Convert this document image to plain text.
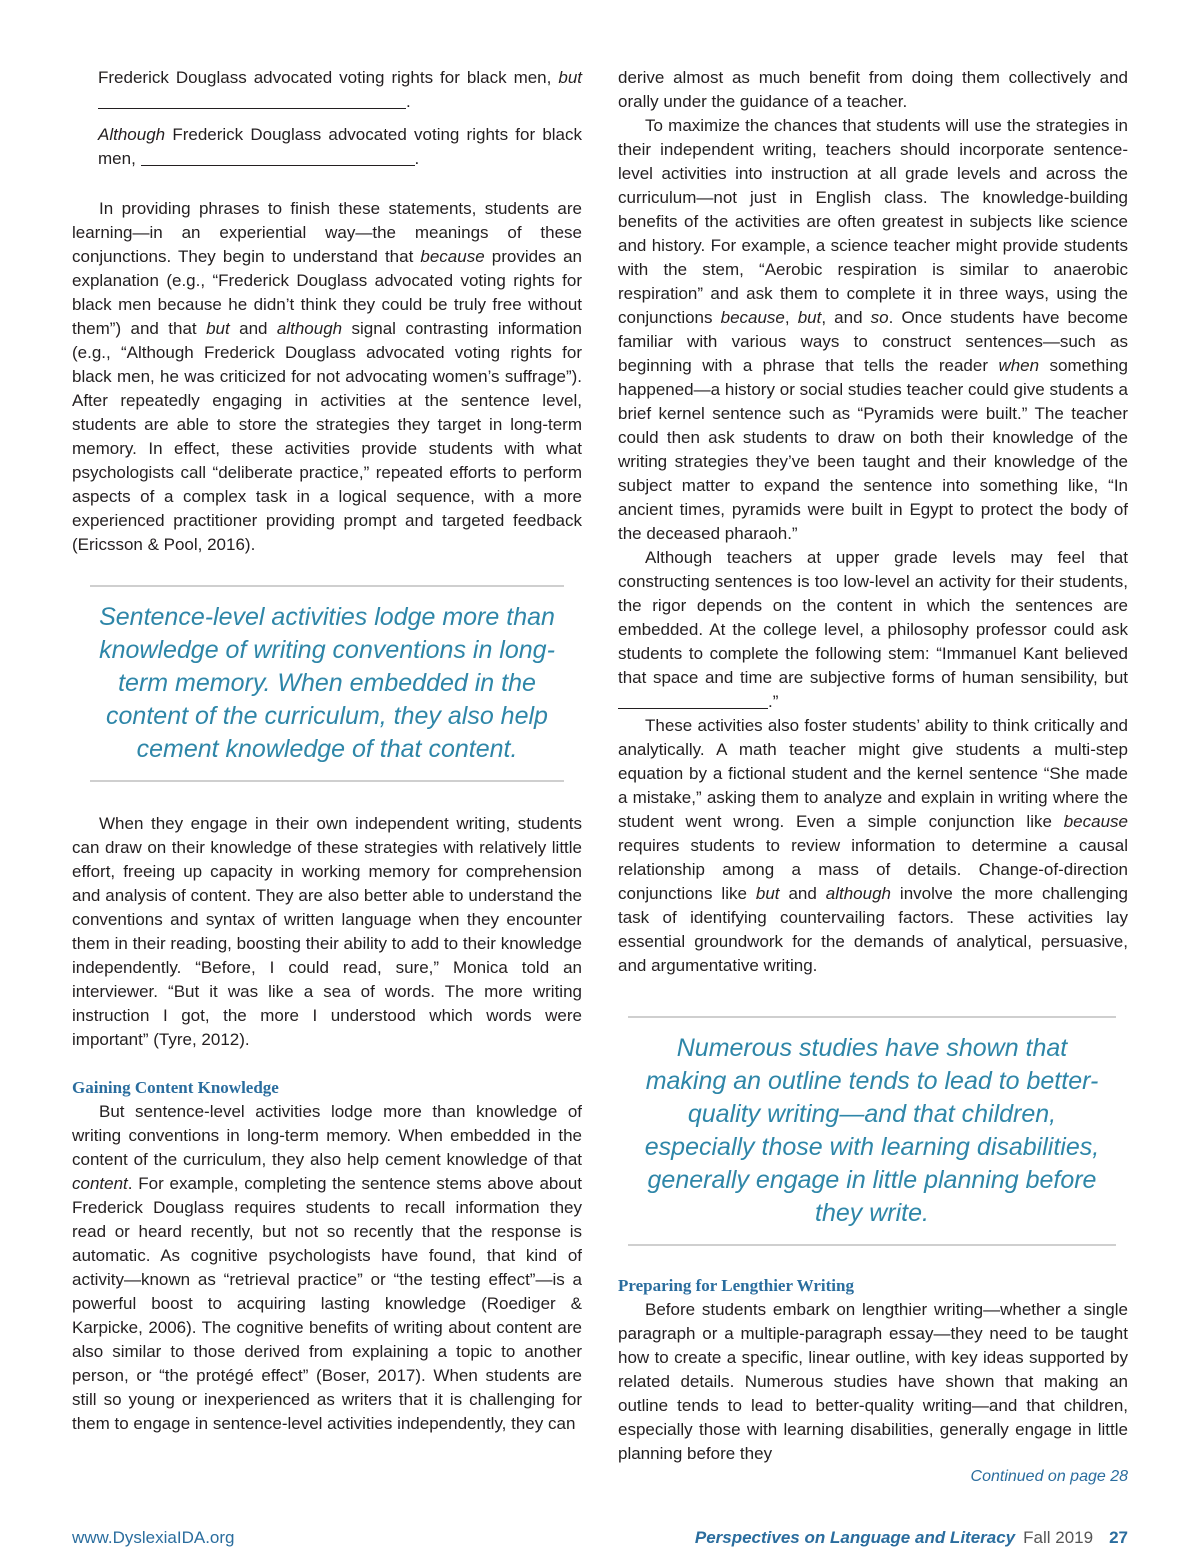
Frederick Douglass advocated voting rights for black men, but .

Although Frederick Douglass advocated voting rights for black men,	.

In providing phrases to finish these statements, students are learning—in an experiential way—the meanings of these conjunctions. They begin to understand that because provides an explanation (e.g., “Frederick Douglass advocated voting rights for black men because he didn’t think they could be truly free without them”) and that but and although signal contrasting information (e.g., “Although Frederick Douglass advocated voting rights for black men, he was criticized for not advocating women’s suffrage”). After repeatedly engaging in activities at the sentence level, students are able to store the strategies they target in long-term memory. In effect, these activities provide students with what psychologists call “deliberate practice,” repeated efforts to perform aspects of a complex task in a logical sequence, with a more experienced practitioner providing prompt and targeted feedback (Ericsson & Pool, 2016).

Sentence-level activities lodge more than knowledge of writing conventions in long-term memory. When embedded in the content of the curriculum, they also help cement knowledge of that content.

When they engage in their own independent writing, students can draw on their knowledge of these strategies with relatively little effort, freeing up capacity in working memory for comprehension and analysis of content. They are also better able to understand the conventions and syntax of written language when they encounter them in their reading, boosting their ability to add to their knowledge independently. “Before, I could read, sure,” Monica told an interviewer. “But it was like a sea of words. The more writing instruction I got, the more I understood which words were important” (Tyre, 2012).

Gaining Content Knowledge

But sentence-level activities lodge more than knowledge of writing conventions in long-term memory. When embedded in the content of the curriculum, they also help cement knowledge of that content. For example, completing the sentence stems above about Frederick Douglass requires students to recall information they read or heard recently, but not so recently that the response is automatic. As cognitive psychologists have found, that kind of activity—known as “retrieval practice” or “the testing effect”—is a powerful boost to acquiring lasting knowledge (Roediger & Karpicke, 2006). The cognitive benefits of writing about content are also similar to those derived from explaining a topic to another person, or “the protégé effect” (Boser, 2017). When students are still so young or inexperienced as writers that it is challenging for them to engage in sentence-level activities independently, they can

derive almost as much benefit from doing them collectively and orally under the guidance of a teacher.

To maximize the chances that students will use the strategies in their independent writing, teachers should incorporate sentence-level activities into instruction at all grade levels and across the curriculum—not just in English class. The knowledge-building benefits of the activities are often greatest in subjects like science and history. For example, a science teacher might provide students with the stem, “Aerobic respiration is similar to anaerobic respiration” and ask them to complete it in three ways, using the conjunctions because, but, and so. Once students have become familiar with various ways to construct sentences—such as beginning with a phrase that tells the reader when something happened—a history or social studies teacher could give students a brief kernel sentence such as “Pyramids were built.” The teacher could then ask students to draw on both their knowledge of the writing strategies they’ve been taught and their knowledge of the subject matter to expand the sentence into something like, “In ancient times, pyramids were built in Egypt to protect the body of the deceased pharaoh.”

Although teachers at upper grade levels may feel that constructing sentences is too low-level an activity for their students, the rigor depends on the content in which the sentences are embedded. At the college level, a philosophy professor could ask students to complete the following stem: “Immanuel Kant believed that space and time are subjective forms of human sensibility, but .”

These activities also foster students’ ability to think critically and analytically. A math teacher might give students a multi-step equation by a fictional student and the kernel sentence “She made a mistake,” asking them to analyze and explain in writing where the student went wrong. Even a simple conjunction like because requires students to review information to determine a causal relationship among a mass of details. Change-of-direction conjunctions like but and although involve the more challenging task of identifying countervailing factors. These activities lay essential groundwork for the demands of analytical, persuasive, and argumentative writing.

Numerous studies have shown that making an outline tends to lead to better-quality writing—and that children, especially those with learning disabilities, generally engage in little planning before they write.
Preparing for Lengthier Writing

Before students embark on lengthier writing—whether a single paragraph or a multiple-paragraph essay—they need to be taught how to create a specific, linear outline, with key ideas supported by related details. Numerous studies have shown that making an outline tends to lead to better-quality writing—and that children, especially those with learning disabilities, generally engage in little planning before they

Continued on page 28
www.DyslexiaIDA.org	Perspectives on Language and Literacy Fall 2019 27
